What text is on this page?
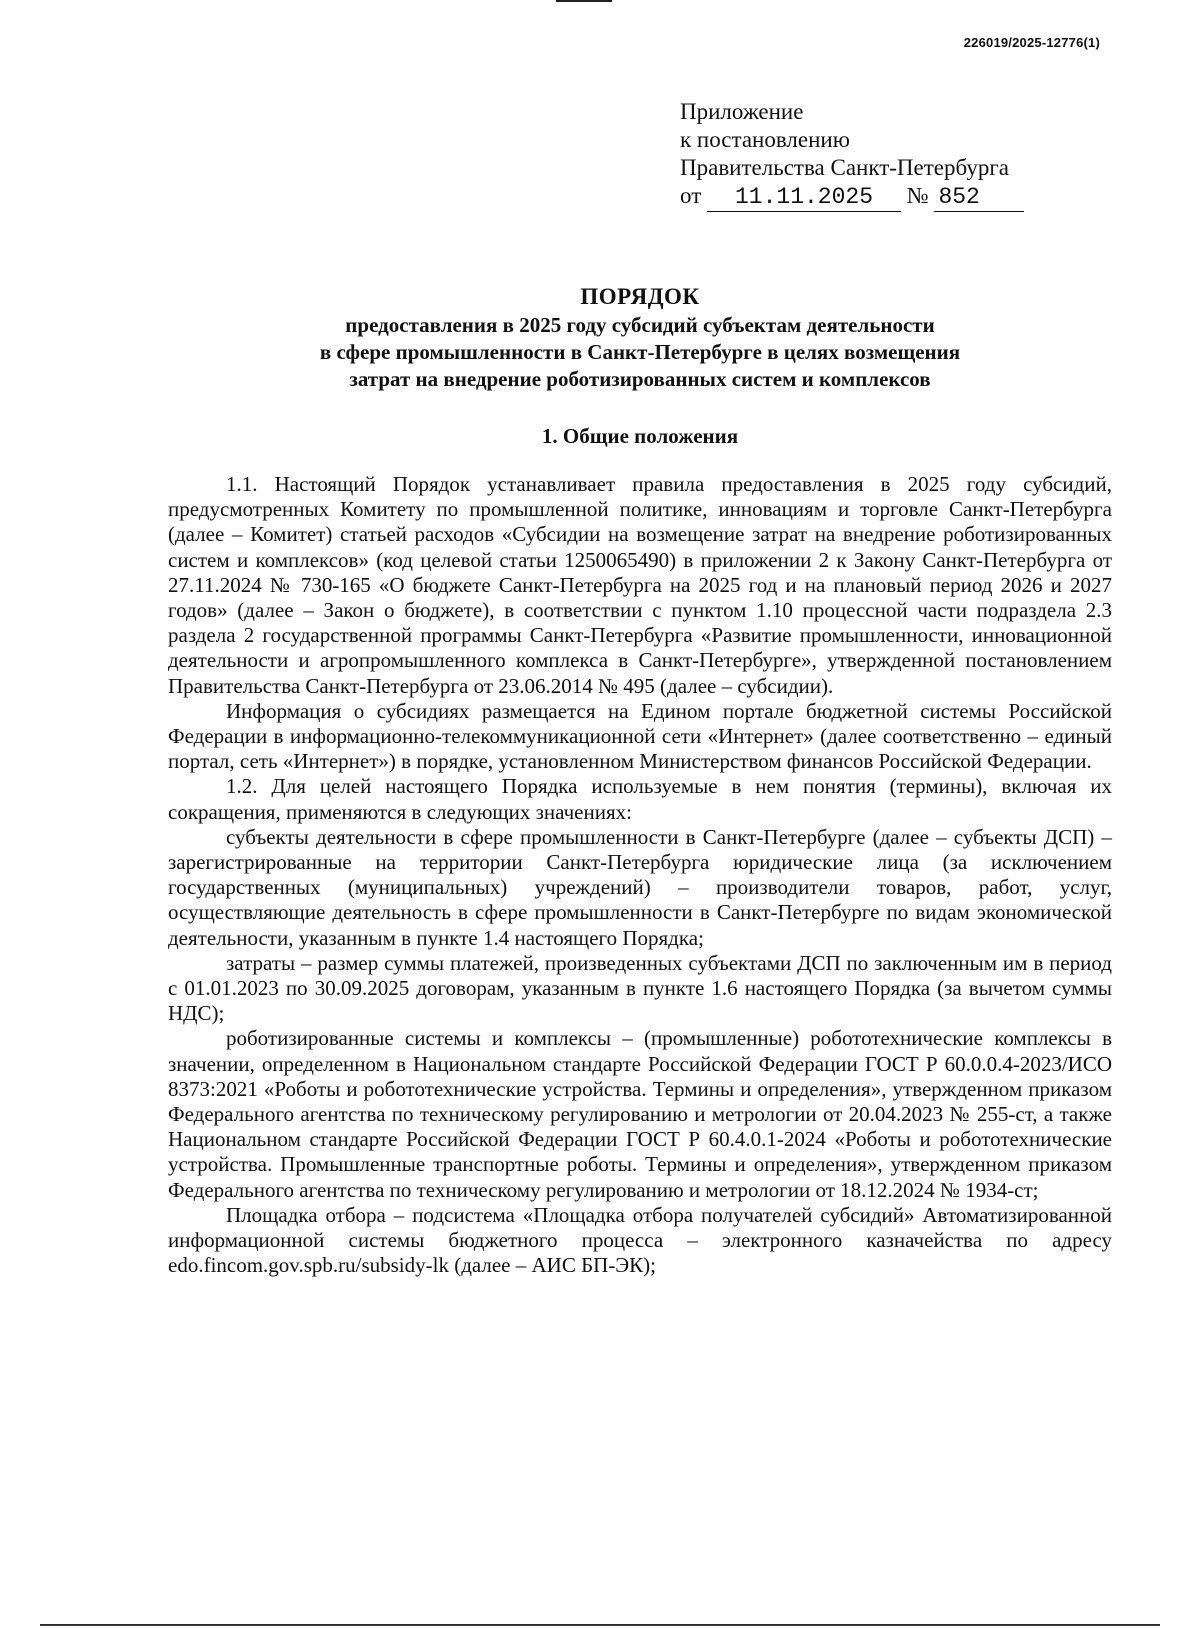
226019/2025-12776(1)
Приложение
к постановлению
Правительства Санкт-Петербурга
от 11.11.2025 № 852
ПОРЯДОК
предоставления в 2025 году субсидий субъектам деятельности
в сфере промышленности в Санкт-Петербурге в целях возмещения
затрат на внедрение роботизированных систем и комплексов
1. Общие положения

1.1. Настоящий Порядок устанавливает правила предоставления в 2025 году субсидий, предусмотренных Комитету по промышленной политике, инновациям и торговле Санкт-Петербурга (далее – Комитет) статьей расходов «Субсидии на возмещение затрат на внедрение роботизированных систем и комплексов» (код целевой статьи 1250065490) в приложении 2 к Закону Санкт-Петербурга от 27.11.2024 № 730-165 «О бюджете Санкт-Петербурга на 2025 год и на плановый период 2026 и 2027 годов» (далее – Закон о бюджете), в соответствии с пунктом 1.10 процессной части подраздела 2.3 раздела 2 государственной программы Санкт-Петербурга «Развитие промышленности, инновационной деятельности и агропромышленного комплекса в Санкт-Петербурге», утвержденной постановлением Правительства Санкт-Петербурга от 23.06.2014 № 495 (далее – субсидии).

Информация о субсидиях размещается на Едином портале бюджетной системы Российской Федерации в информационно-телекоммуникационной сети «Интернет» (далее соответственно – единый портал, сеть «Интернет») в порядке, установленном Министерством финансов Российской Федерации.

1.2. Для целей настоящего Порядка используемые в нем понятия (термины), включая их сокращения, применяются в следующих значениях:

субъекты деятельности в сфере промышленности в Санкт-Петербурге (далее – субъекты ДСП) – зарегистрированные на территории Санкт-Петербурга юридические лица (за исключением государственных (муниципальных) учреждений) – производители товаров, работ, услуг, осуществляющие деятельность в сфере промышленности в Санкт-Петербурге по видам экономической деятельности, указанным в пункте 1.4 настоящего Порядка;

затраты – размер суммы платежей, произведенных субъектами ДСП по заключенным им в период с 01.01.2023 по 30.09.2025 договорам, указанным в пункте 1.6 настоящего Порядка (за вычетом суммы НДС);

роботизированные системы и комплексы – (промышленные) робототехнические комплексы в значении, определенном в Национальном стандарте Российской Федерации ГОСТ Р 60.0.0.4-2023/ИСО 8373:2021 «Роботы и робототехнические устройства. Термины и определения», утвержденном приказом Федерального агентства по техническому регулированию и метрологии от 20.04.2023 № 255-ст, а также Национальном стандарте Российской Федерации ГОСТ Р 60.4.0.1-2024 «Роботы и робототехнические устройства. Промышленные транспортные роботы. Термины и определения», утвержденном приказом Федерального агентства по техническому регулированию и метрологии от 18.12.2024 № 1934-ст;

Площадка отбора – подсистема «Площадка отбора получателей субсидий» Автоматизированной информационной системы бюджетного процесса – электронного казначейства по адресу edo.fincom.gov.spb.ru/subsidy-lk (далее – АИС БП-ЭК);
